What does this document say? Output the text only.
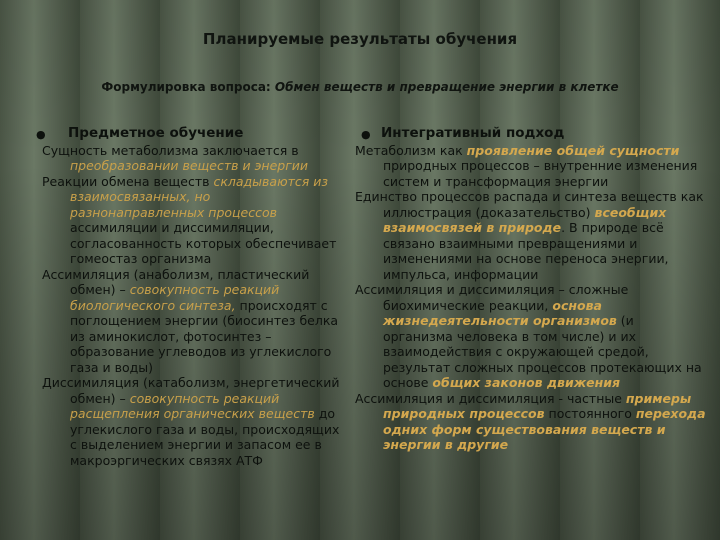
Планируемые результаты обучения
Формулировка вопроса: Обмен веществ и превращение энергии в клетке
● Предметное обучение

Сущность метаболизма заключается в преобразовании веществ и энергии

Реакции обмена веществ складываются из взаимосвязанных, но разнонаправленных процессов ассимиляции и диссимиляции, согласованность которых обеспечивает гомеостаз организма

Ассимиляция (анаболизм, пластический обмен) – совокупность реакций биологического синтеза, происходят с поглощением энергии (биосинтез белка из аминокислот, фотосинтез – образование углеводов из углекислого газа и воды)

Диссимиляция (катаболизм, энергетический обмен) – совокупность реакций расщепления органических веществ до углекислого газа и воды, происходящих с выделением энергии и запасом ее в макроэргических связях АТФ

● Интегративный подход

Метаболизм как проявление общей сущности природных процессов – внутренние изменения систем и трансформация энергии

Единство процессов распада и синтеза веществ как иллюстрация (доказательство) всеобщих взаимосвязей в природе. В природе всё связано взаимными превращениями и изменениями на основе переноса энергии, импульса, информации

Ассимиляция и диссимиляция – сложные биохимические реакции, основа жизнедеятельности организмов (и организма человека в том числе) и их взаимодействия с окружающей средой, результат сложных процессов протекающих на основе общих законов движения

Ассимиляция и диссимиляция - частные примеры природных процессов постоянного перехода одних форм существования веществ и энергии в другие
